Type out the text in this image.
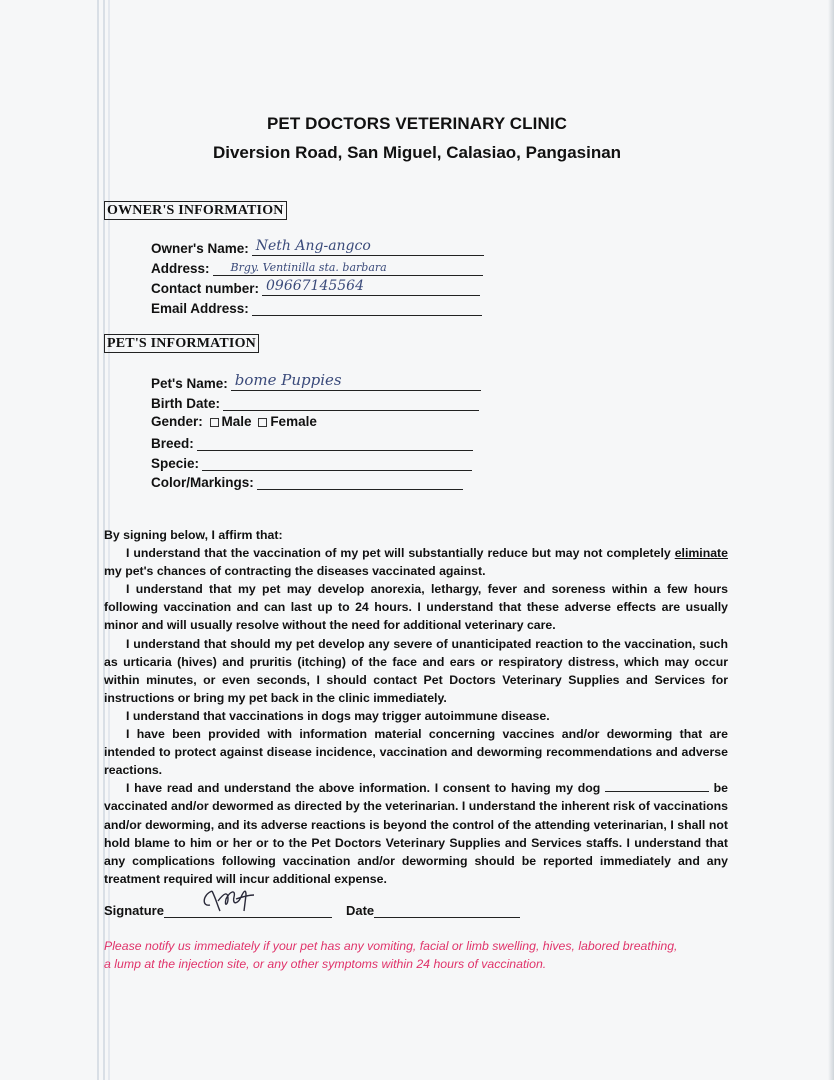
PET DOCTORS VETERINARY CLINIC
Diversion Road, San Miguel, Calasiao, Pangasinan
OWNER'S INFORMATION
Owner's Name: Neth Ang-angco
Address: Brgy. Ventinilla sta. barbara
Contact number: 09667145564
Email Address:
PET'S INFORMATION
Pet's Name: bome Puppies
Birth Date:
Gender: Male Female
Breed:
Specie:
Color/Markings:

By signing below, I affirm that:

I understand that the vaccination of my pet will substantially reduce but may not completely eliminate my pet's chances of contracting the diseases vaccinated against.

I understand that my pet may develop anorexia, lethargy, fever and soreness within a few hours following vaccination and can last up to 24 hours. I understand that these adverse effects are usually minor and will usually resolve without the need for additional veterinary care.

I understand that should my pet develop any severe of unanticipated reaction to the vaccination, such as urticaria (hives) and pruritis (itching) of the face and ears or respiratory distress, which may occur within minutes, or even seconds, I should contact Pet Doctors Veterinary Supplies and Services for instructions or bring my pet back in the clinic immediately.

I understand that vaccinations in dogs may trigger autoimmune disease.

I have been provided with information material concerning vaccines and/or deworming that are intended to protect against disease incidence, vaccination and deworming recommendations and adverse reactions.

I have read and understand the above information. I consent to having my dog	be vaccinated and/or dewormed as directed by the veterinarian. I understand the inherent risk of vaccinations and/or deworming, and its adverse reactions is beyond the control of the attending veterinarian, I shall not hold blame to him or her or to the Pet Doctors Veterinary Supplies and Services staffs. I understand that any complications following vaccination and/or deworming should be reported immediately and any treatment required will incur additional expense.

Signature	Date
Please notify us immediately if your pet has any vomiting, facial or limb swelling, hives, labored breathing, a lump at the injection site, or any other symptoms within 24 hours of vaccination.
